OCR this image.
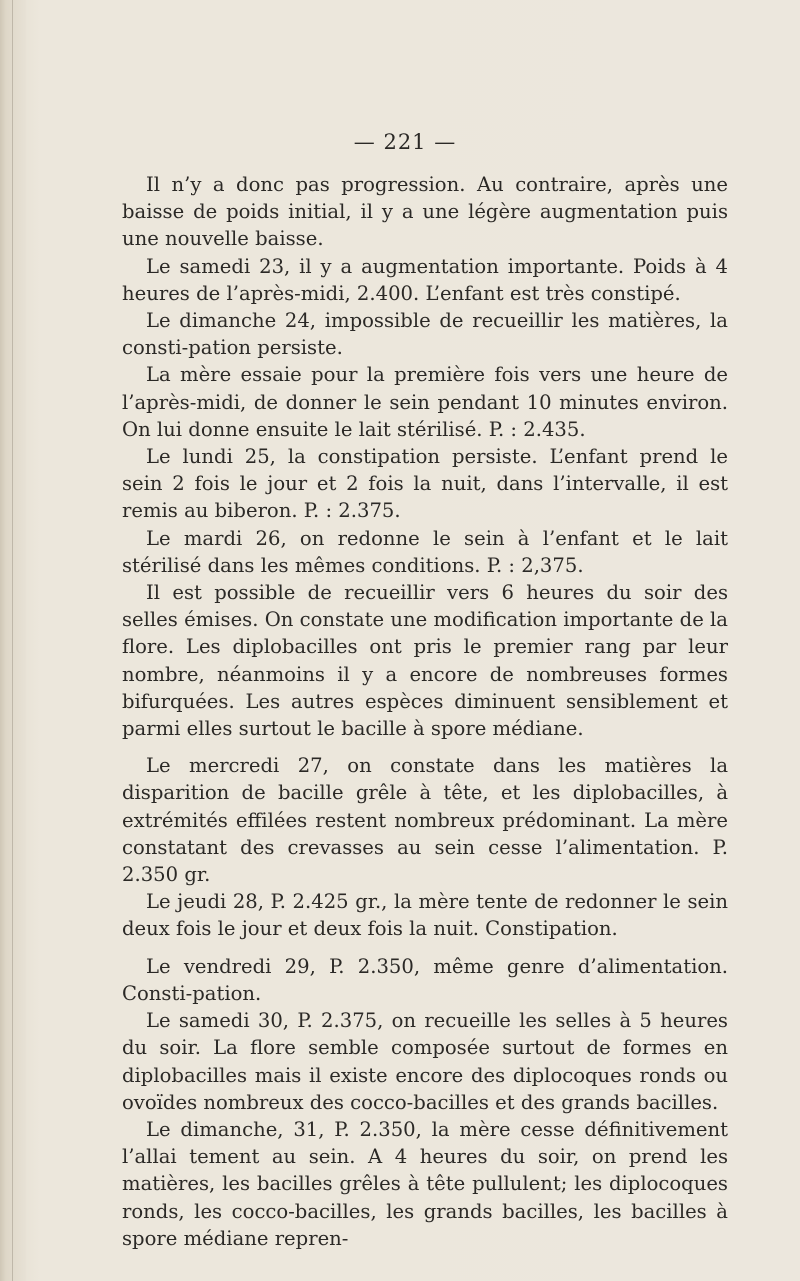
— 221 —

Il n’y a donc pas progression. Au contraire, après une baisse de poids initial, il y a une légère augmentation puis une nouvelle baisse.

Le samedi 23, il y a augmentation importante. Poids à 4 heures de l’après-midi, 2.400. L’enfant est très constipé.

Le dimanche 24, impossible de recueillir les matières, la consti-pation persiste.

La mère essaie pour la première fois vers une heure de l’après-midi, de donner le sein pendant 10 minutes environ. On lui donne ensuite le lait stérilisé. P. : 2.435.

Le lundi 25, la constipation persiste. L’enfant prend le sein 2 fois le jour et 2 fois la nuit, dans l’intervalle, il est remis au biberon. P. : 2.375.

Le mardi 26, on redonne le sein à l’enfant et le lait stérilisé dans les mêmes conditions. P. : 2,375.

Il est possible de recueillir vers 6 heures du soir des selles émises. On constate une modification importante de la flore. Les diplobacilles ont pris le premier rang par leur nombre, néanmoins il y a encore de nombreuses formes bifurquées. Les autres espèces diminuent sensiblement et parmi elles surtout le bacille à spore médiane.

Le mercredi 27, on constate dans les matières la disparition de bacille grêle à tête, et les diplobacilles, à extrémités effilées restent nombreux prédominant. La mère constatant des crevasses au sein cesse l’alimentation. P. 2.350 gr.

Le jeudi 28, P. 2.425 gr., la mère tente de redonner le sein deux fois le jour et deux fois la nuit. Constipation.

Le vendredi 29, P. 2.350, même genre d’alimentation. Consti-pation.

Le samedi 30, P. 2.375, on recueille les selles à 5 heures du soir. La flore semble composée surtout de formes en diplobacilles mais il existe encore des diplocoques ronds ou ovoïdes nombreux des cocco-bacilles et des grands bacilles.

Le dimanche, 31, P. 2.350, la mère cesse définitivement l’allai tement au sein. A 4 heures du soir, on prend les matières, les bacilles grêles à tête pullulent; les diplocoques ronds, les cocco-bacilles, les grands bacilles, les bacilles à spore médiane repren-
